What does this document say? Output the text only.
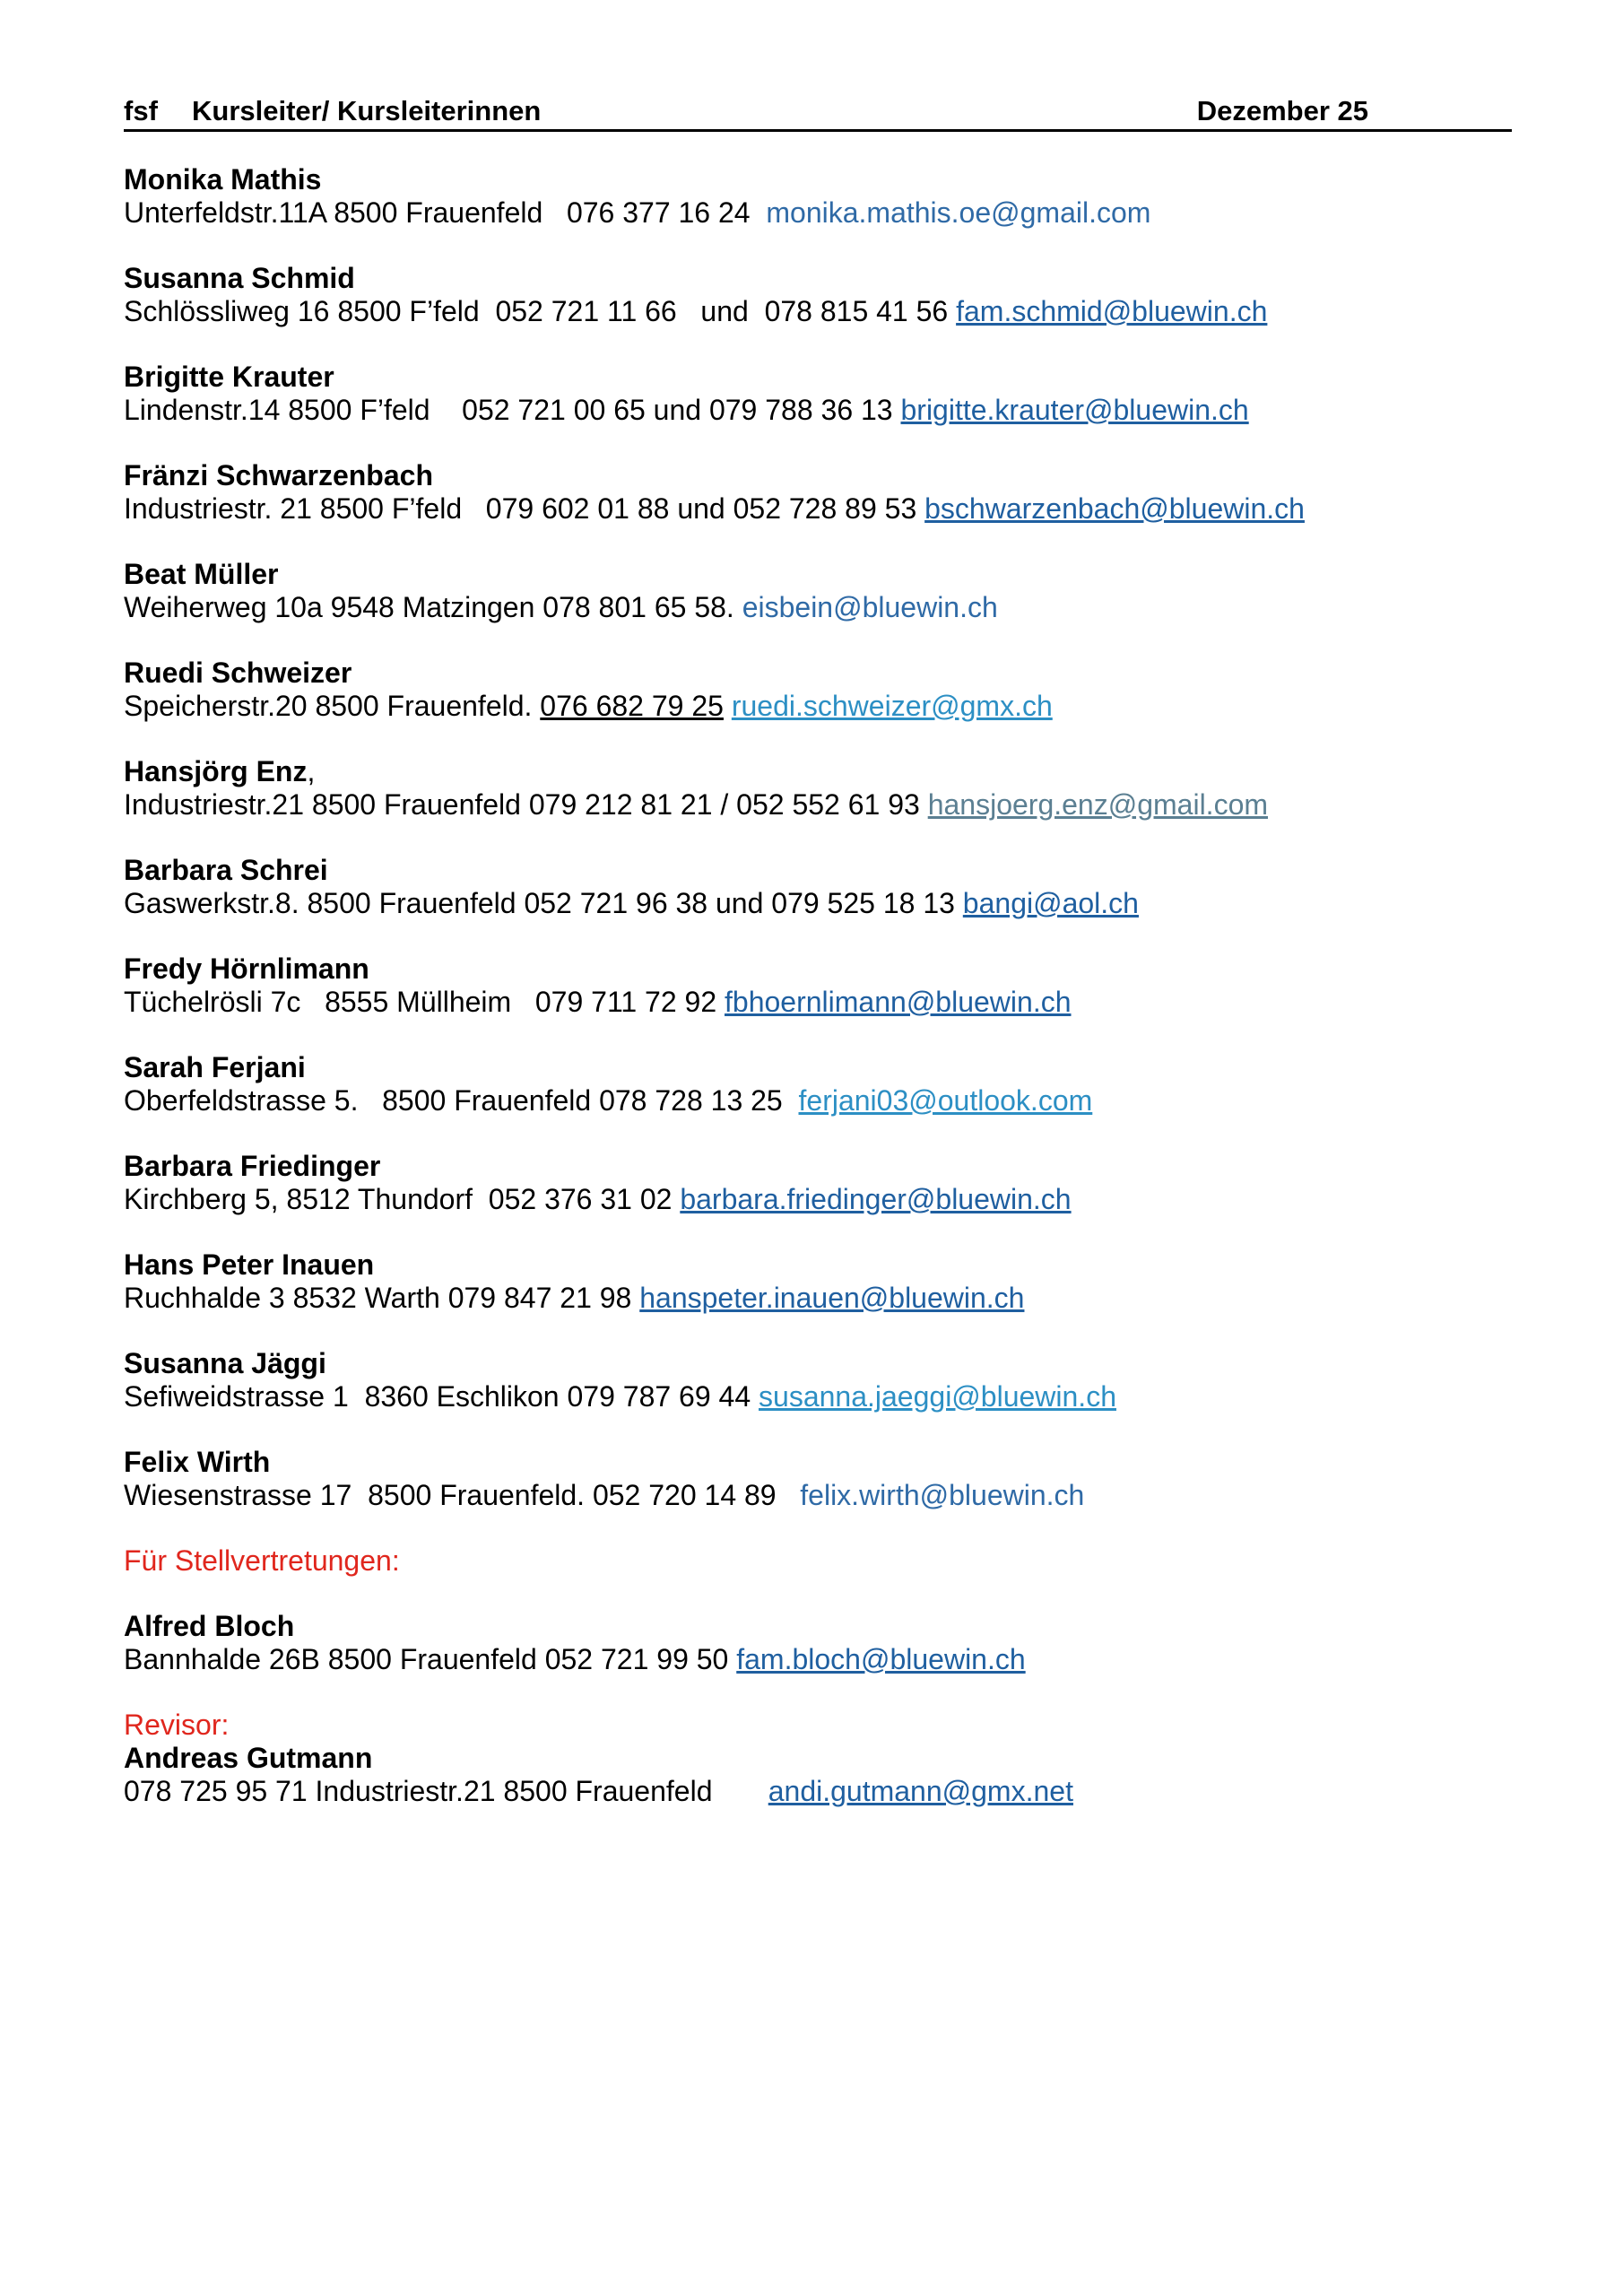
fsf Kursleiter/ Kursleiterinnen	Dezember 25
Monika Mathis
Unterfeldstr.11A 8500 Frauenfeld   076 377 16 24  monika.mathis.oe@gmail.com
Susanna Schmid
Schlössliweg 16 8500 F’feld  052 721 11 66   und  078 815 41 56 fam.schmid@bluewin.ch
Brigitte Krauter
Lindenstr.14 8500 F’feld    052 721 00 65 und 079 788 36 13 brigitte.krauter@bluewin.ch
Fränzi Schwarzenbach
Industriestr. 21 8500 F’feld   079 602 01 88 und 052 728 89 53 bschwarzenbach@bluewin.ch
Beat Müller
Weiherweg 10a 9548 Matzingen 078 801 65 58. eisbein@bluewin.ch
Ruedi Schweizer
Speicherstr.20 8500 Frauenfeld. 076 682 79 25 ruedi.schweizer@gmx.ch
Hansjörg Enz,
Industriestr.21 8500 Frauenfeld 079 212 81 21 / 052 552 61 93 hansjoerg.enz@gmail.com
Barbara Schrei
Gaswerkstr.8. 8500 Frauenfeld 052 721 96 38 und 079 525 18 13 bangi@aol.ch
Fredy Hörnlimann
Tüchelrösli 7c   8555 Müllheim   079 711 72 92 fbhoernlimann@bluewin.ch
Sarah Ferjani
Oberfeldstrasse 5.   8500 Frauenfeld 078 728 13 25  ferjani03@outlook.com
Barbara Friedinger
Kirchberg 5, 8512 Thundorf  052 376 31 02 barbara.friedinger@bluewin.ch
Hans Peter Inauen
Ruchhalde 3 8532 Warth 079 847 21 98 hanspeter.inauen@bluewin.ch
Susanna Jäggi
Sefiweidstrasse 1  8360 Eschlikon 079 787 69 44 susanna.jaeggi@bluewin.ch
Felix Wirth
Wiesenstrasse 17  8500 Frauenfeld. 052 720 14 89   felix.wirth@bluewin.ch
Für Stellvertretungen:
Alfred Bloch
Bannhalde 26B 8500 Frauenfeld 052 721 99 50 fam.bloch@bluewin.ch
Revisor:
Andreas Gutmann
078 725 95 71 Industriestr.21 8500 Frauenfeld       andi.gutmann@gmx.net
